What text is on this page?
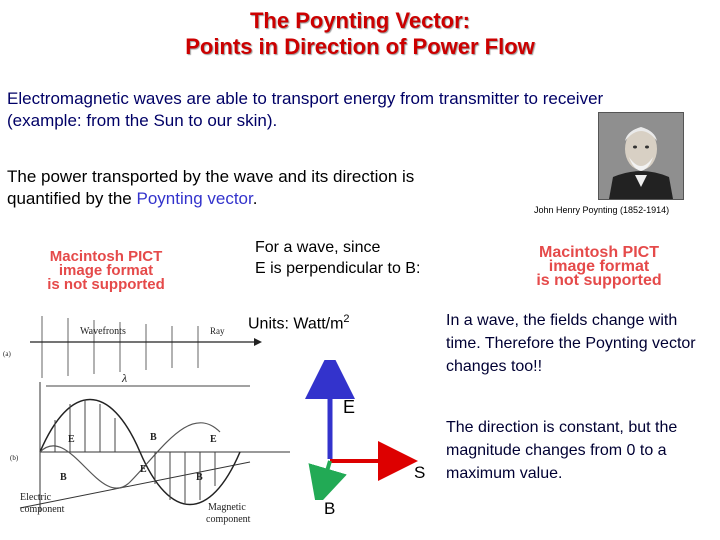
The Poynting Vector:
Points in Direction of Power Flow
Electromagnetic waves are able to transport energy from transmitter to receiver (example: from the Sun to our skin).
The power transported by the wave and its direction is quantified by the Poynting vector.
John Henry Poynting (1852-1914)
Macintosh PICT
image format
is not supported
Macintosh PICT
image format
is not supported
For a wave, since
E is perpendicular to B:
Units: Watt/$m^2$	In a wave, the fields change with time. Therefore the Poynting vector changes too!!
The direction is constant, but the magnitude changes from 0 to a maximum value.
E
S
B
(a)
Wavefronts	Ray
λ
(b)
E	E
E
B
B	B
Electric
component	Magnetic
component
